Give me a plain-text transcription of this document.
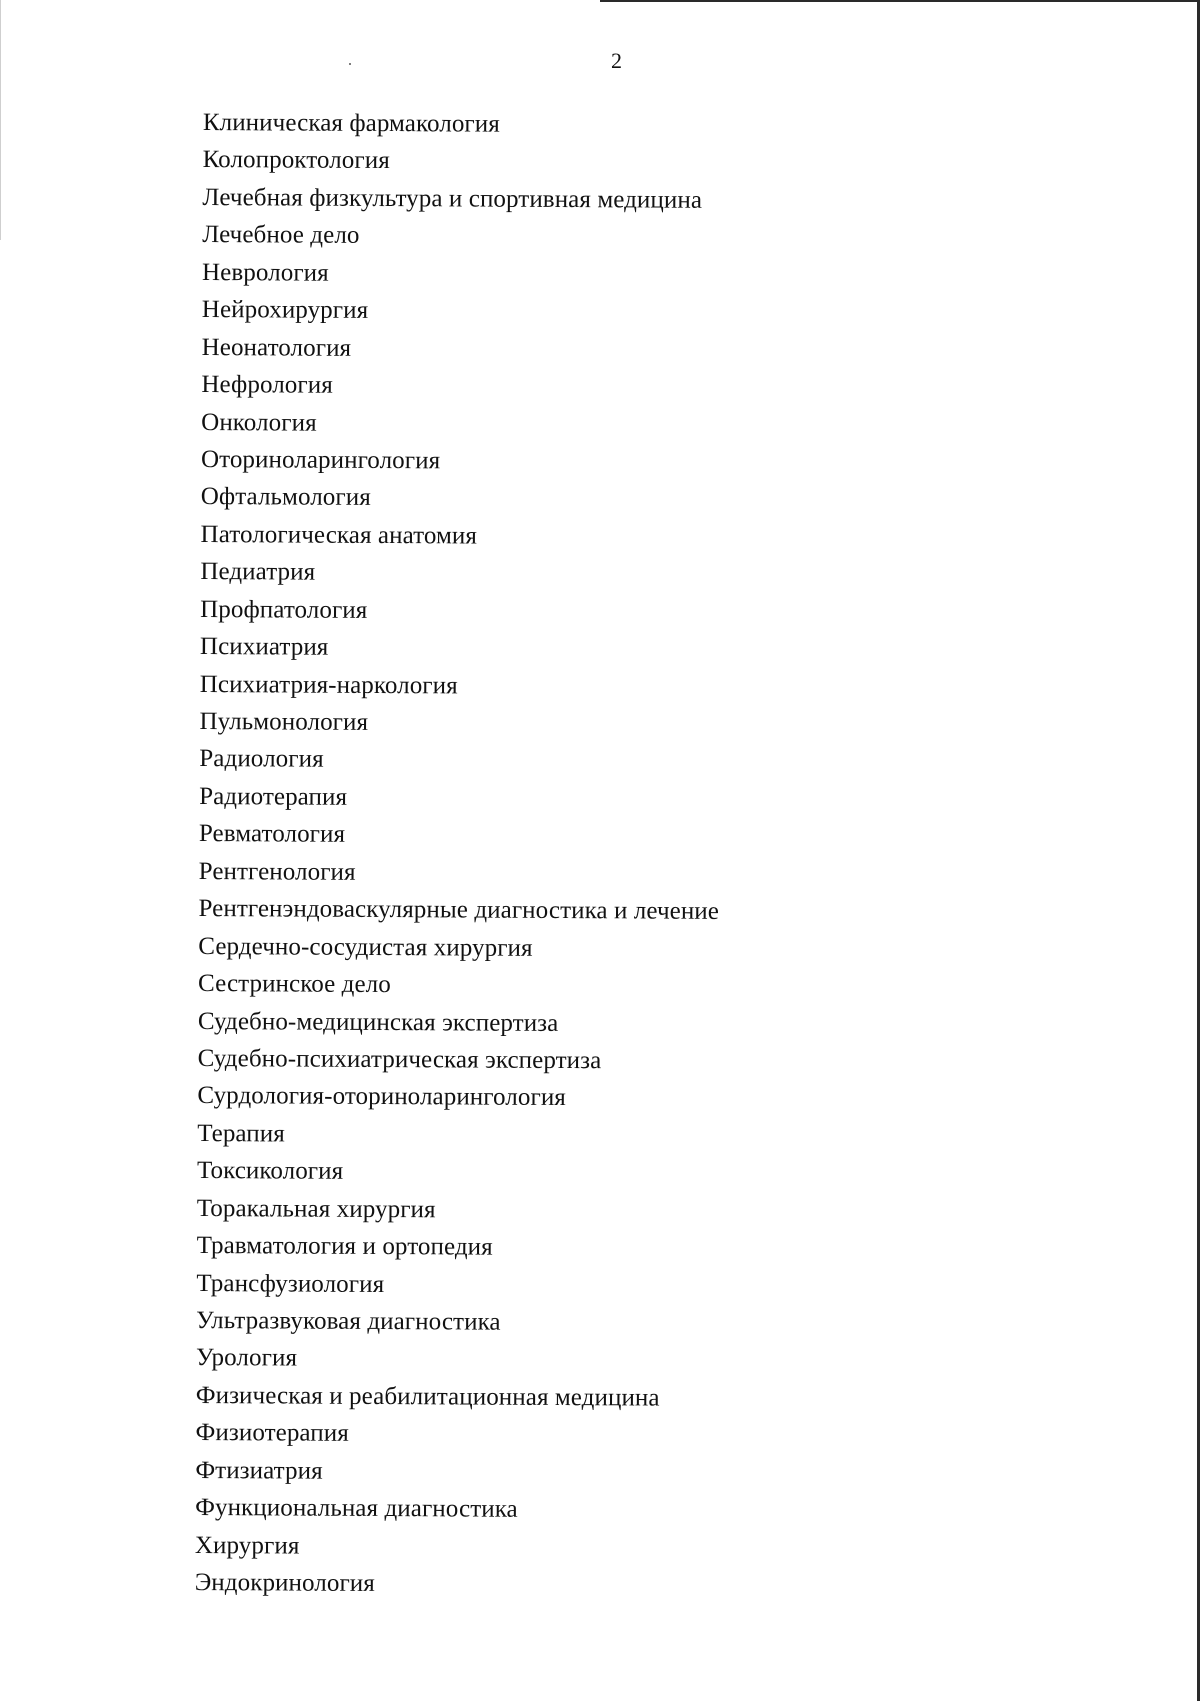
2
Клиническая фармакология
Колопроктология
Лечебная физкультура и спортивная медицина
Лечебное дело
Неврология
Нейрохирургия
Неонатология
Нефрология
Онкология
Оториноларингология
Офтальмология
Патологическая анатомия
Педиатрия
Профпатология
Психиатрия
Психиатрия-наркология
Пульмонология
Радиология
Радиотерапия
Ревматология
Рентгенология
Рентгенэндоваскулярные диагностика и лечение
Сердечно-сосудистая хирургия
Сестринское дело
Судебно-медицинская экспертиза
Судебно-психиатрическая экспертиза
Сурдология-оториноларингология
Терапия
Токсикология
Торакальная хирургия
Травматология и ортопедия
Трансфузиология
Ультразвуковая диагностика
Урология
Физическая и реабилитационная медицина
Физиотерапия
Фтизиатрия
Функциональная диагностика
Хирургия
Эндокринология
